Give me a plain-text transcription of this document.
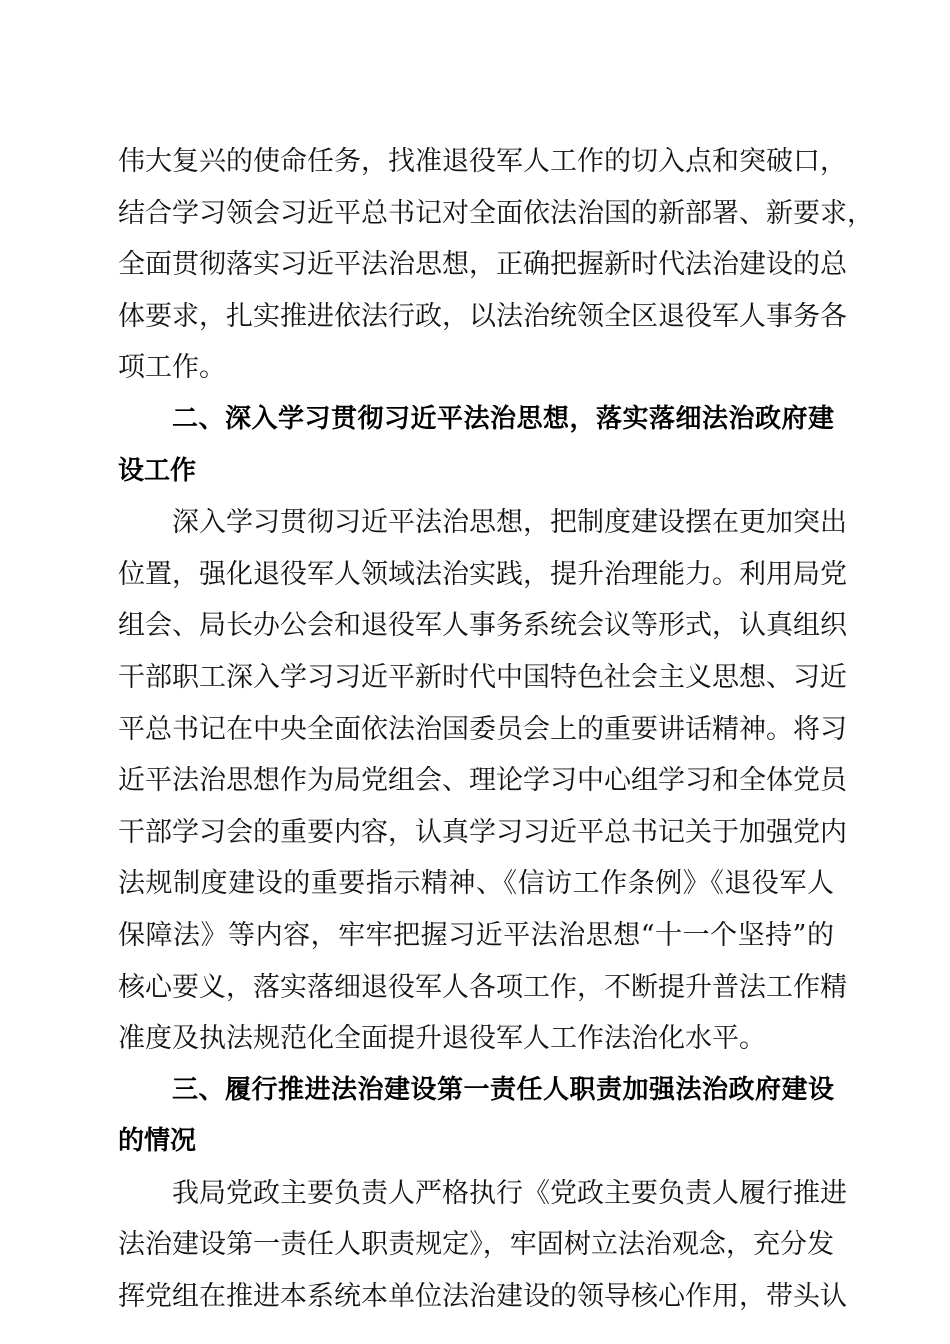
伟大复兴的使命任务，找准退役军人工作的切入点和突破口，
结合学习领会习近平总书记对全面依法治国的新部署、新要求，
全面贯彻落实习近平法治思想，正确把握新时代法治建设的总
体要求，扎实推进依法行政，以法治统领全区退役军人事务各
项工作。
二、深入学习贯彻习近平法治思想，落实落细法治政府建
设工作
深入学习贯彻习近平法治思想，把制度建设摆在更加突出
位置，强化退役军人领域法治实践，提升治理能力。利用局党
组会、局长办公会和退役军人事务系统会议等形式，认真组织
干部职工深入学习习近平新时代中国特色社会主义思想、习近
平总书记在中央全面依法治国委员会上的重要讲话精神。将习
近平法治思想作为局党组会、理论学习中心组学习和全体党员
干部学习会的重要内容，认真学习习近平总书记关于加强党内
法规制度建设的重要指示精神、《信访工作条例》《退役军人
保障法》等内容，牢牢把握习近平法治思想“十一个坚持”的
核心要义，落实落细退役军人各项工作，不断提升普法工作精
准度及执法规范化全面提升退役军人工作法治化水平。
三、履行推进法治建设第一责任人职责加强法治政府建设
的情况
我局党政主要负责人严格执行《党政主要负责人履行推进
法治建设第一责任人职责规定》，牢固树立法治观念，充分发
挥党组在推进本系统本单位法治建设的领导核心作用，带头认
